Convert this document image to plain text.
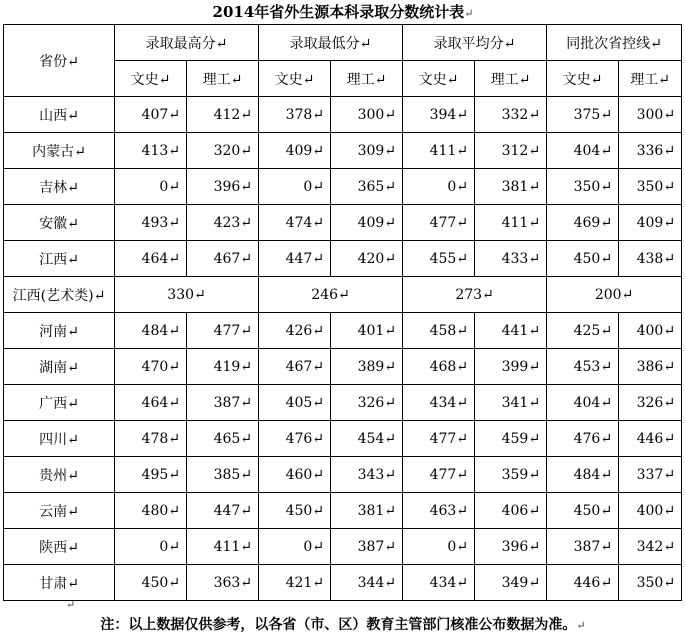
2014年省外生源本科录取分数统计表↵
省份↵	录取最高分↵		录取最低分↵		录取平均分↵		同批次省控线↵	
	文史↵	理工↵	文史↵	理工↵	文史↵	理工↵	文史↵	理工↵
山西↵	407↵	412↵	378↵	300↵	394↵	332↵	375↵	300↵
内蒙古↵	413↵	320↵	409↵	309↵	411↵	312↵	404↵	336↵
吉林↵	0↵	396↵	0↵	365↵	0↵	381↵	350↵	350↵
安徽↵	493↵	423↵	474↵	409↵	477↵	411↵	469↵	409↵
江西↵	464↵	467↵	447↵	420↵	455↵	433↵	450↵	438↵
江西(艺术类)↵	330↵		246↵		273↵		200↵	
河南↵	484↵	477↵	426↵	401↵	458↵	441↵	425↵	400↵
湖南↵	470↵	419↵	467↵	389↵	468↵	399↵	453↵	386↵
广西↵	464↵	387↵	405↵	326↵	434↵	341↵	404↵	326↵
四川↵	478↵	465↵	476↵	454↵	477↵	459↵	476↵	446↵
贵州↵	495↵	385↵	460↵	343↵	477↵	359↵	484↵	337↵
云南↵	480↵	447↵	450↵	381↵	463↵	406↵	450↵	400↵
陕西↵	0↵	411↵	0↵	387↵	0↵	396↵	387↵	342↵
甘肃↵	450↵	363↵	421↵	344↵	434↵	349↵	446↵	350↵
↵
注：以上数据仅供参考，以各省（市、区）教育主管部门核准公布数据为准。↵
